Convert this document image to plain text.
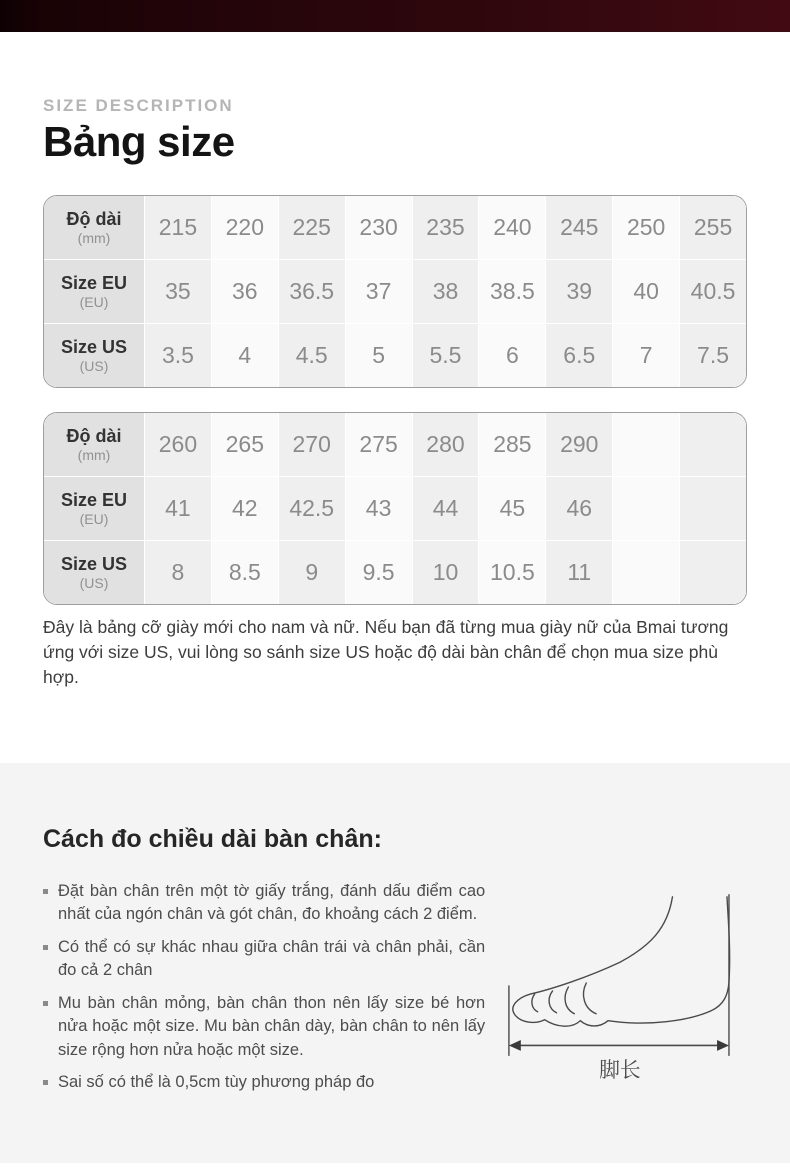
SIZE DESCRIPTION
Bảng size
Độ dài
(mm)	215	220	225	230	235	240	245	250	255
Size EU
(EU)	35	36	36.5	37	38	38.5	39	40	40.5
Size US
(US)	3.5	4	4.5	5	5.5	6	6.5	7	7.5
Độ dài
(mm)	260	265	270	275	280	285	290
Size EU
(EU)	41	42	42.5	43	44	45	46
Size US
(US)	8	8.5	9	9.5	10	10.5	11

Đây là bảng cỡ giày mới cho nam và nữ. Nếu bạn đã từng mua giày nữ của Bmai tương ứng với size US, vui lòng so sánh size US hoặc độ dài bàn chân để chọn mua size phù hợp.

Cách đo chiều dài bàn chân:
Đặt bàn chân trên một tờ giấy trắng, đánh dấu điểm cao nhất của ngón chân và gót chân, đo khoảng cách 2 điểm.
Có thể có sự khác nhau giữa chân trái và chân phải, cần đo cả 2 chân
Mu bàn chân mỏng, bàn chân thon nên lấy size bé hơn nửa hoặc một size. Mu bàn chân dày, bàn chân to nên lấy size rộng hơn nửa hoặc một size.
Sai số có thể là 0,5cm tùy phương pháp đo	脚长
